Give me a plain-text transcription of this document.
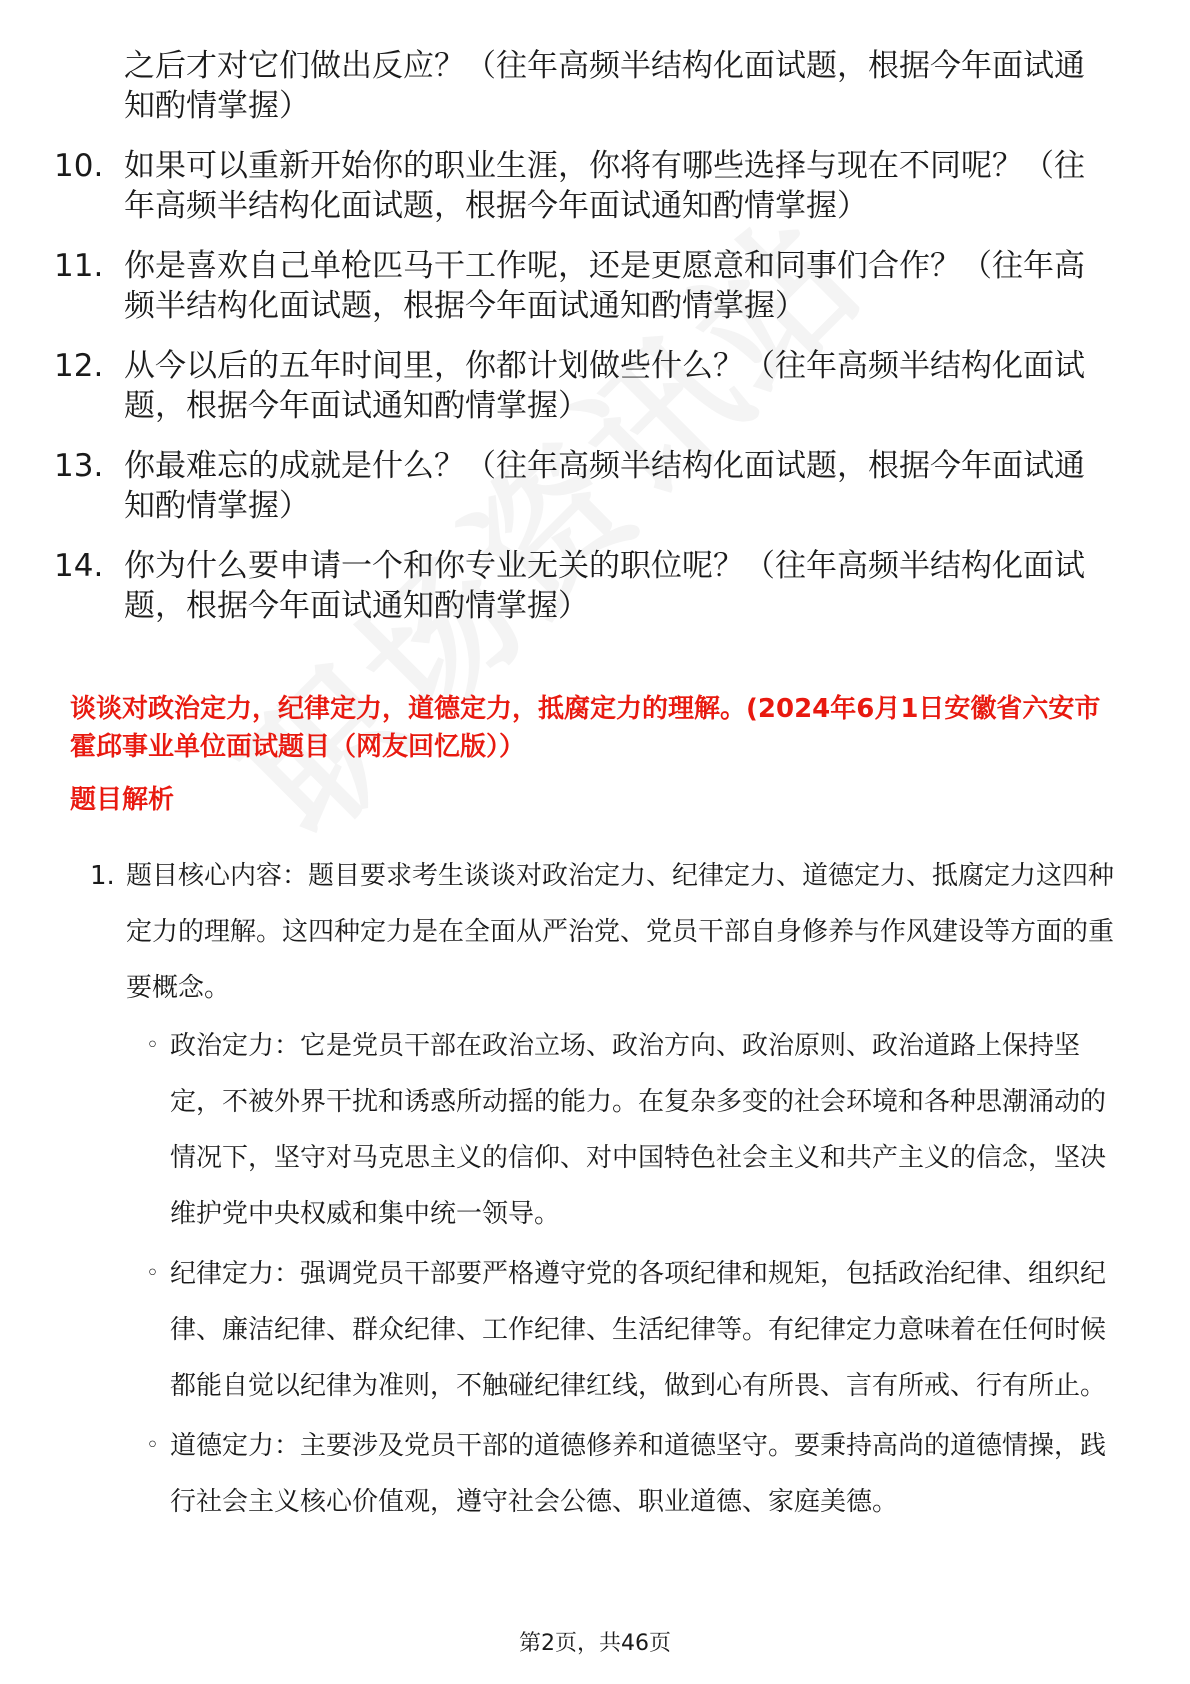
之后才对它们做出反应？（往年高频半结构化面试题，根据今年面试通知酌情掌握）
10. 如果可以重新开始你的职业生涯，你将有哪些选择与现在不同呢？（往年高频半结构化面试题，根据今年面试通知酌情掌握）
11. 你是喜欢自己单枪匹马干工作呢，还是更愿意和同事们合作？（往年高频半结构化面试题，根据今年面试通知酌情掌握）
12. 从今以后的五年时间里，你都计划做些什么？（往年高频半结构化面试题，根据今年面试通知酌情掌握）
13. 你最难忘的成就是什么？（往年高频半结构化面试题，根据今年面试通知酌情掌握）
14. 你为什么要申请一个和你专业无关的职位呢？（往年高频半结构化面试题，根据今年面试通知酌情掌握）
谈谈对政治定力，纪律定力，道德定力，抵腐定力的理解。(2024年6月1日安徽省六安市霍邱事业单位面试题目（网友回忆版））
题目解析
1. 题目核心内容：题目要求考生谈谈对政治定力、纪律定力、道德定力、抵腐定力这四种定力的理解。这四种定力是在全面从严治党、党员干部自身修养与作风建设等方面的重要概念。
◦ 政治定力：它是党员干部在政治立场、政治方向、政治原则、政治道路上保持坚定，不被外界干扰和诱惑所动摇的能力。在复杂多变的社会环境和各种思潮涌动的情况下，坚守对马克思主义的信仰、对中国特色社会主义和共产主义的信念，坚决维护党中央权威和集中统一领导。
◦ 纪律定力：强调党员干部要严格遵守党的各项纪律和规矩，包括政治纪律、组织纪律、廉洁纪律、群众纪律、工作纪律、生活纪律等。有纪律定力意味着在任何时候都能自觉以纪律为准则，不触碰纪律红线，做到心有所畏、言有所戒、行有所止。
◦ 道德定力：主要涉及党员干部的道德修养和道德坚守。要秉持高尚的道德情操，践行社会主义核心价值观，遵守社会公德、职业道德、家庭美德。
第2页，共46页
